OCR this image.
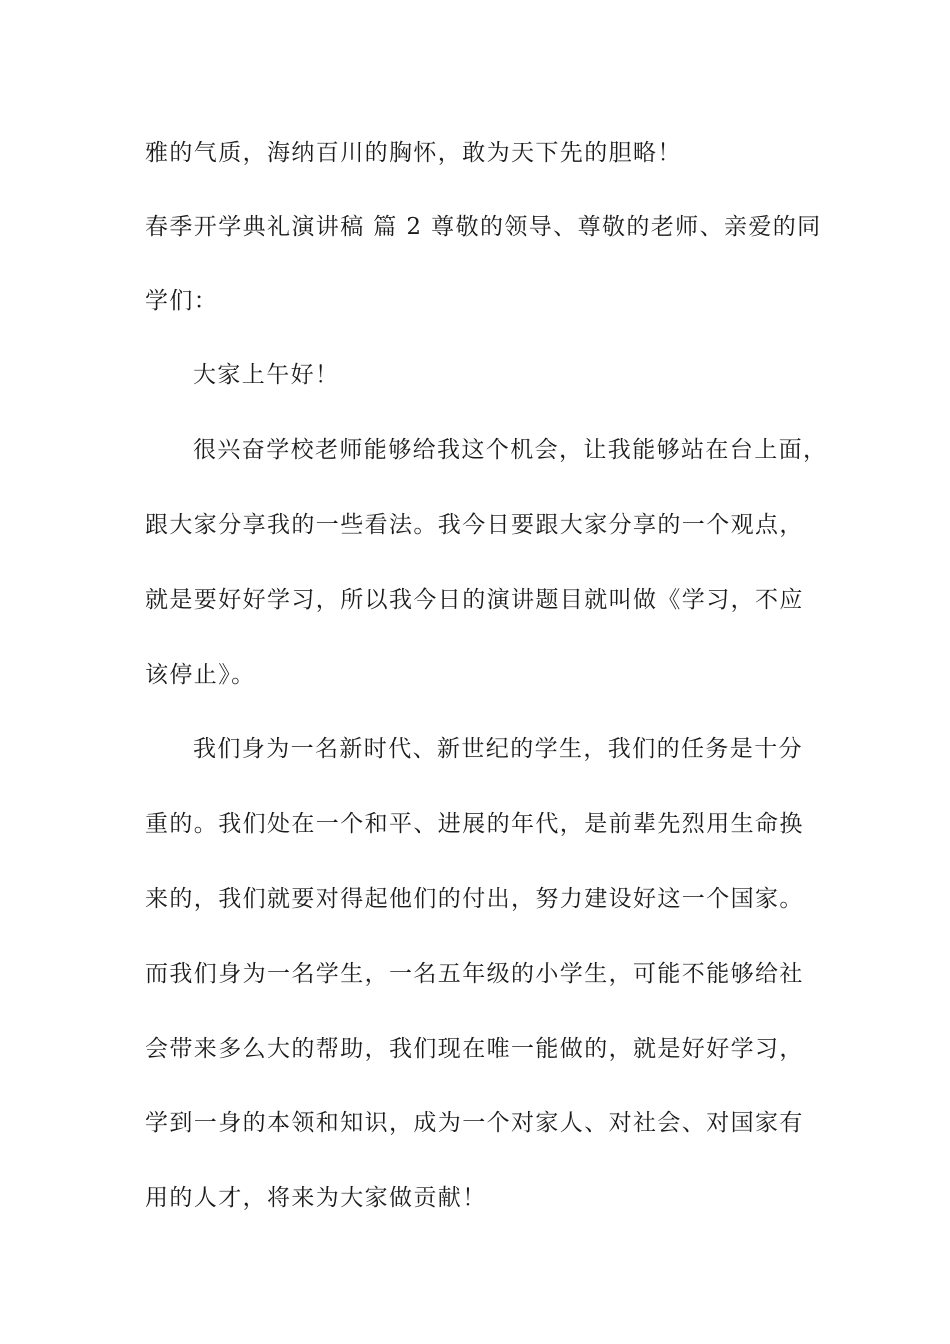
雅的气质，海纳百川的胸怀，敢为天下先的胆略！
春季开学典礼演讲稿 篇 2 尊敬的领导、尊敬的老师、亲爱的同
学们：
大家上午好！
很兴奋学校老师能够给我这个机会，让我能够站在台上面，
跟大家分享我的一些看法。我今日要跟大家分享的一个观点，
就是要好好学习，所以我今日的演讲题目就叫做《学习，不应
该停止》。
我们身为一名新时代、新世纪的学生，我们的任务是十分
重的。我们处在一个和平、进展的年代，是前辈先烈用生命换
来的，我们就要对得起他们的付出，努力建设好这一个国家。
而我们身为一名学生，一名五年级的小学生，可能不能够给社
会带来多么大的帮助，我们现在唯一能做的，就是好好学习，
学到一身的本领和知识，成为一个对家人、对社会、对国家有
用的人才，将来为大家做贡献！
